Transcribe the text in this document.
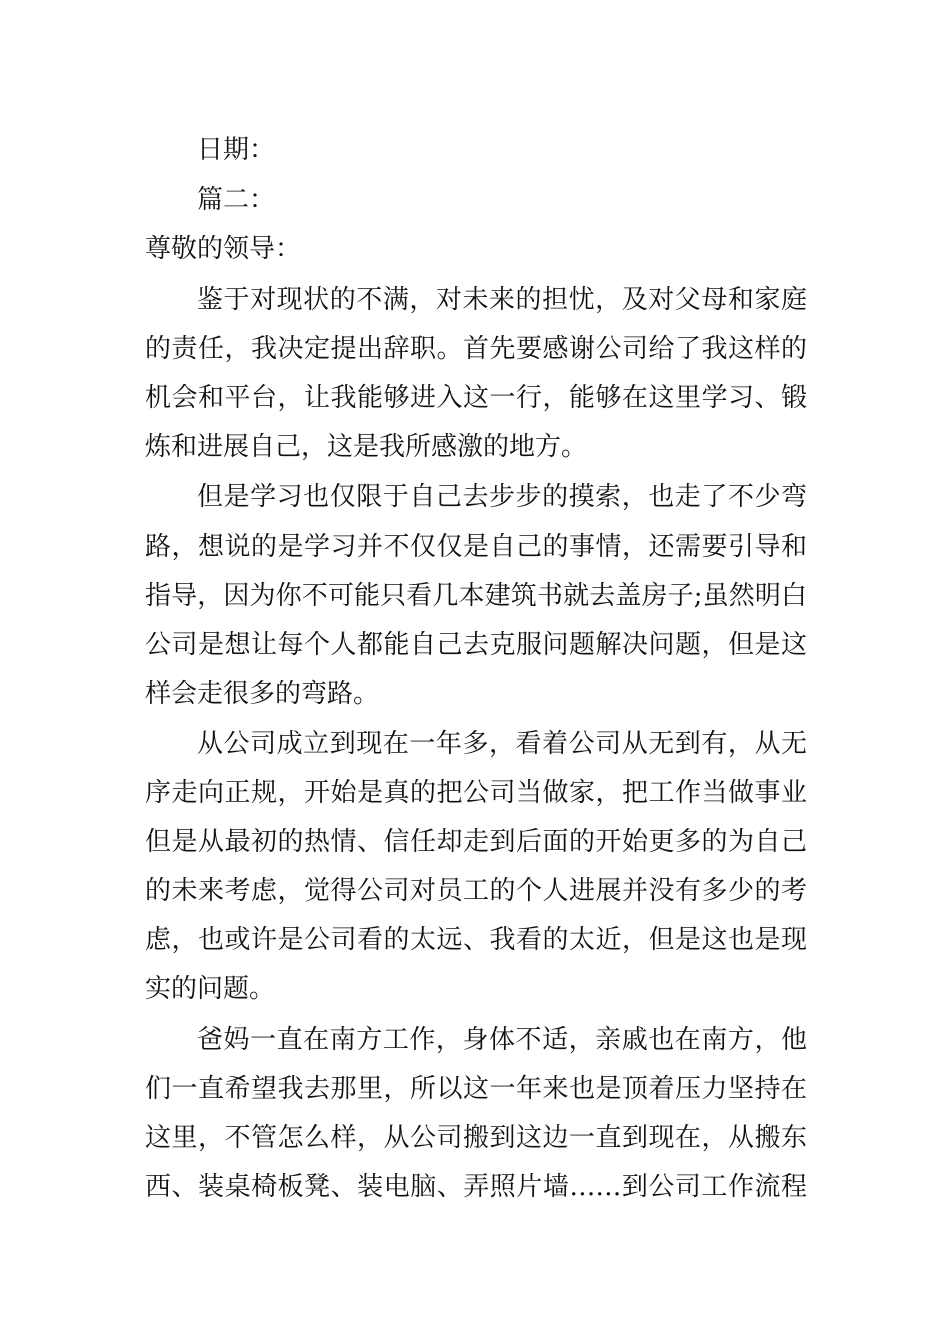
日期：
篇二：
尊敬的领导：
鉴于对现状的不满，对未来的担忧，及对父母和家庭
的责任，我决定提出辞职。首先要感谢公司给了我这样的
机会和平台，让我能够进入这一行，能够在这里学习、锻
炼和进展自己，这是我所感激的地方。
但是学习也仅限于自己去步步的摸索，也走了不少弯
路，想说的是学习并不仅仅是自己的事情，还需要引导和
指导，因为你不可能只看几本建筑书就去盖房子;虽然明白
公司是想让每个人都能自己去克服问题解决问题，但是这
样会走很多的弯路。
从公司成立到现在一年多，看着公司从无到有，从无
序走向正规，开始是真的把公司当做家，把工作当做事业
但是从最初的热情、信任却走到后面的开始更多的为自己
的未来考虑，觉得公司对员工的个人进展并没有多少的考
虑，也或许是公司看的太远、我看的太近，但是这也是现
实的问题。
爸妈一直在南方工作，身体不适，亲戚也在南方，他
们一直希望我去那里，所以这一年来也是顶着压力坚持在
这里，不管怎么样，从公司搬到这边一直到现在，从搬东
西、装桌椅板凳、装电脑、弄照片墙……到公司工作流程
